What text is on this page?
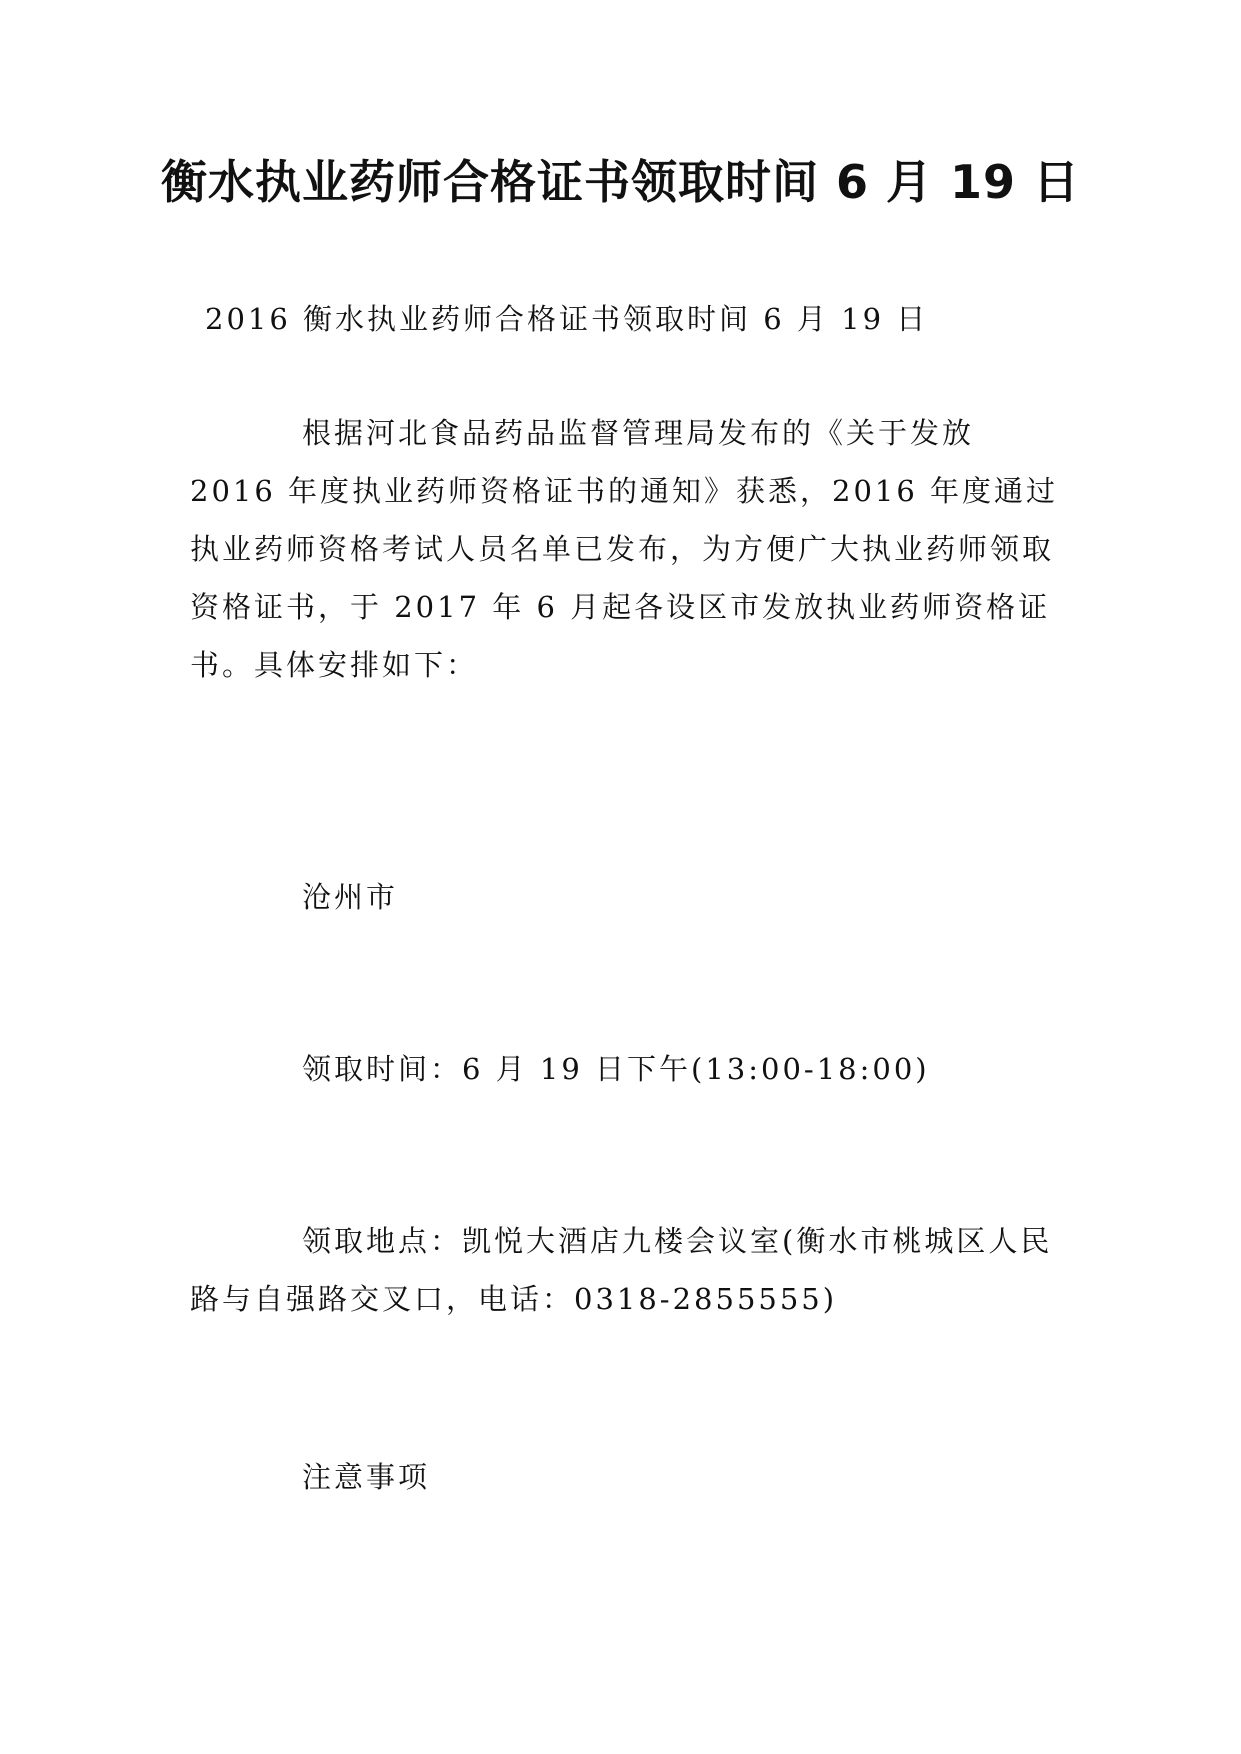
衡水执业药师合格证书领取时间 6 月 19 日

2016 衡水执业药师合格证书领取时间 6 月 19 日

根据河北食品药品监督管理局发布的《关于发放 2016 年度执业药师资格证书的通知》获悉，2016 年度通过执业药师资格考试人员名单已发布，为方便广大执业药师领取资格证书，于 2017 年 6 月起各设区市发放执业药师资格证书。具体安排如下：

沧州市

领取时间：6 月 19 日下午(13:00-18:00)

领取地点：凯悦大酒店九楼会议室(衡水市桃城区人民路与自强路交叉口，电话：0318-2855555)

注意事项
